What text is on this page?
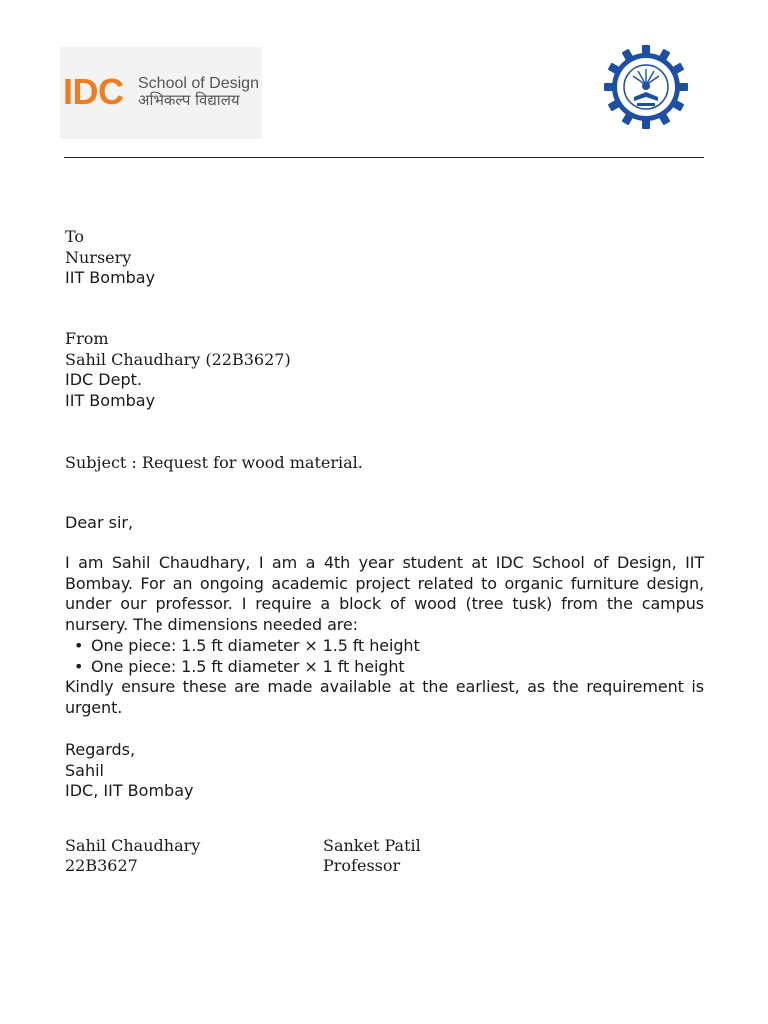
IDC School of Design
अभिकल्प विद्यालय
To
Nursery
IIT Bombay
From
Sahil Chaudhary (22B3627)
IDC Dept.
IIT Bombay
Subject : Request for wood material.
Dear sir,

I am Sahil Chaudhary, I am a 4th year student at IDC School of Design, IIT Bombay. For an ongoing academic project related to organic furniture design, under our professor. I require a block of wood (tree tusk) from the campus nursery. The dimensions needed are:

• One piece: 1.5 ft diameter × 1.5 ft height
• One piece: 1.5 ft diameter × 1 ft height

Kindly ensure these are made available at the earliest, as the requirement is urgent.

Regards,
Sahil
IDC, IIT Bombay
Sahil Chaudhary
22B3627
Sanket Patil
Professor
